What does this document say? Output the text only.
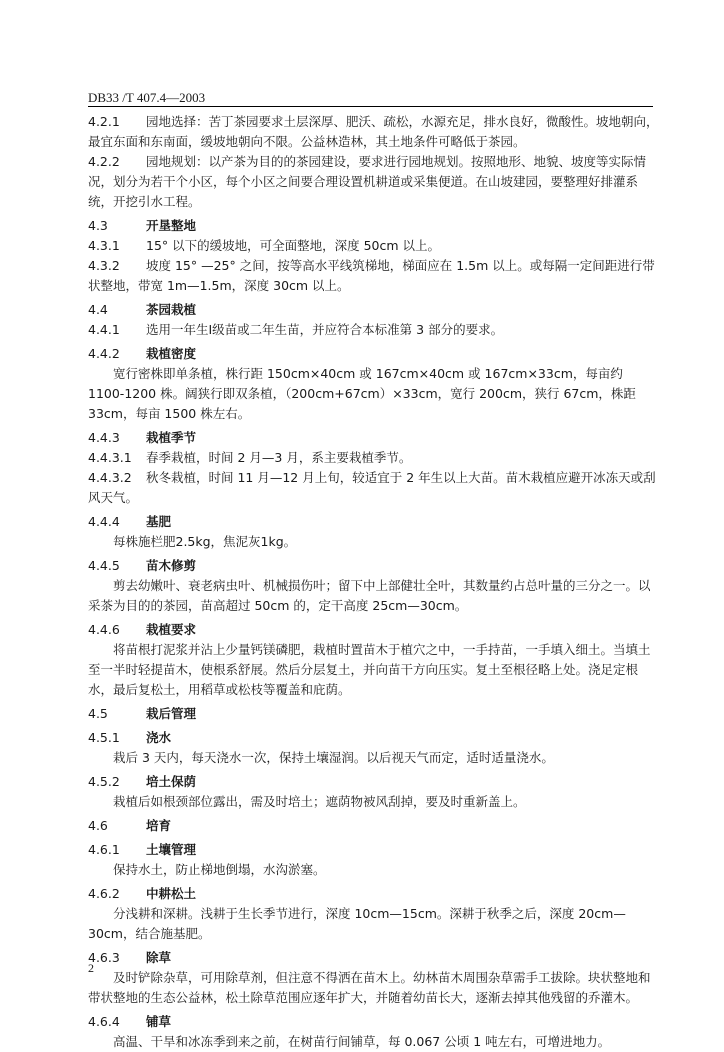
DB33 /T 407.4—2003
4.2.1 园地选择：苦丁茶园要求土层深厚、肥沃、疏松，水源充足，排水良好，微酸性。坡地朝向，最宜东面和东南面，缓坡地朝向不限。公益林造林，其土地条件可略低于茶园。
4.2.2 园地规划：以产茶为目的的茶园建设，要求进行园地规划。按照地形、地貌、坡度等实际情况，划分为若干个小区，每个小区之间要合理设置机耕道或采集便道。在山坡建园，要整理好排灌系统，开挖引水工程。
4.3	开垦整地
4.3.1 15° 以下的缓坡地，可全面整地，深度 50cm 以上。
4.3.2 坡度 15° —25° 之间，按等高水平线筑梯地，梯面应在 1.5m 以上。或每隔一定间距进行带状整地，带宽 1m—1.5m，深度 30cm 以上。
4.4	茶园栽植
4.4.1 选用一年生Ⅰ级苗或二年生苗，并应符合本标准第 3 部分的要求。
4.4.2 栽植密度
宽行密株即单条植，株行距 150cm×40cm 或 167cm×40cm 或 167cm×33cm，每亩约 1100-1200 株。阔狭行即双条植，（200cm+67cm）×33cm，宽行 200cm，狭行 67cm，株距 33cm，每亩 1500 株左右。
4.4.3 栽植季节
4.4.3.1 春季栽植，时间 2 月—3 月，系主要栽植季节。
4.4.3.2 秋冬栽植，时间 11 月—12 月上旬，较适宜于 2 年生以上大苗。苗木栽植应避开冰冻天或刮风天气。
4.4.4 基肥
每株施栏肥2.5kg，焦泥灰1kg。
4.4.5 苗木修剪
剪去幼嫩叶、衰老病虫叶、机械损伤叶；留下中上部健壮全叶，其数量约占总叶量的三分之一。以采茶为目的的茶园，苗高超过 50cm 的，定干高度 25cm—30cm。
4.4.6 栽植要求
将苗根打泥浆并沾上少量钙镁磷肥，栽植时置苗木于植穴之中，一手持苗，一手填入细土。当填土至一半时轻提苗木，使根系舒展。然后分层复土，并向苗干方向压实。复土至根径略上处。浇足定根水，最后复松土，用稻草或松枝等覆盖和庇荫。
4.5	栽后管理
4.5.1 浇水
栽后 3 天内，每天浇水一次，保持土壤湿润。以后视天气而定，适时适量浇水。
4.5.2 培土保荫
栽植后如根颈部位露出，需及时培土；遮荫物被风刮掉，要及时重新盖上。
4.6	培育
4.6.1 土壤管理
保持水土，防止梯地倒塌，水沟淤塞。
4.6.2 中耕松土
分浅耕和深耕。浅耕于生长季节进行，深度 10cm—15cm。深耕于秋季之后，深度 20cm—30cm，结合施基肥。
4.6.3 除草
及时铲除杂草，可用除草剂，但注意不得洒在苗木上。幼林苗木周围杂草需手工拔除。块状整地和带状整地的生态公益林，松土除草范围应逐年扩大，并随着幼苗长大，逐渐去掉其他残留的乔灌木。
4.6.4 铺草
高温、干旱和冰冻季到来之前，在树苗行间铺草，每 0.067 公顷 1 吨左右，可增进地力。
2
